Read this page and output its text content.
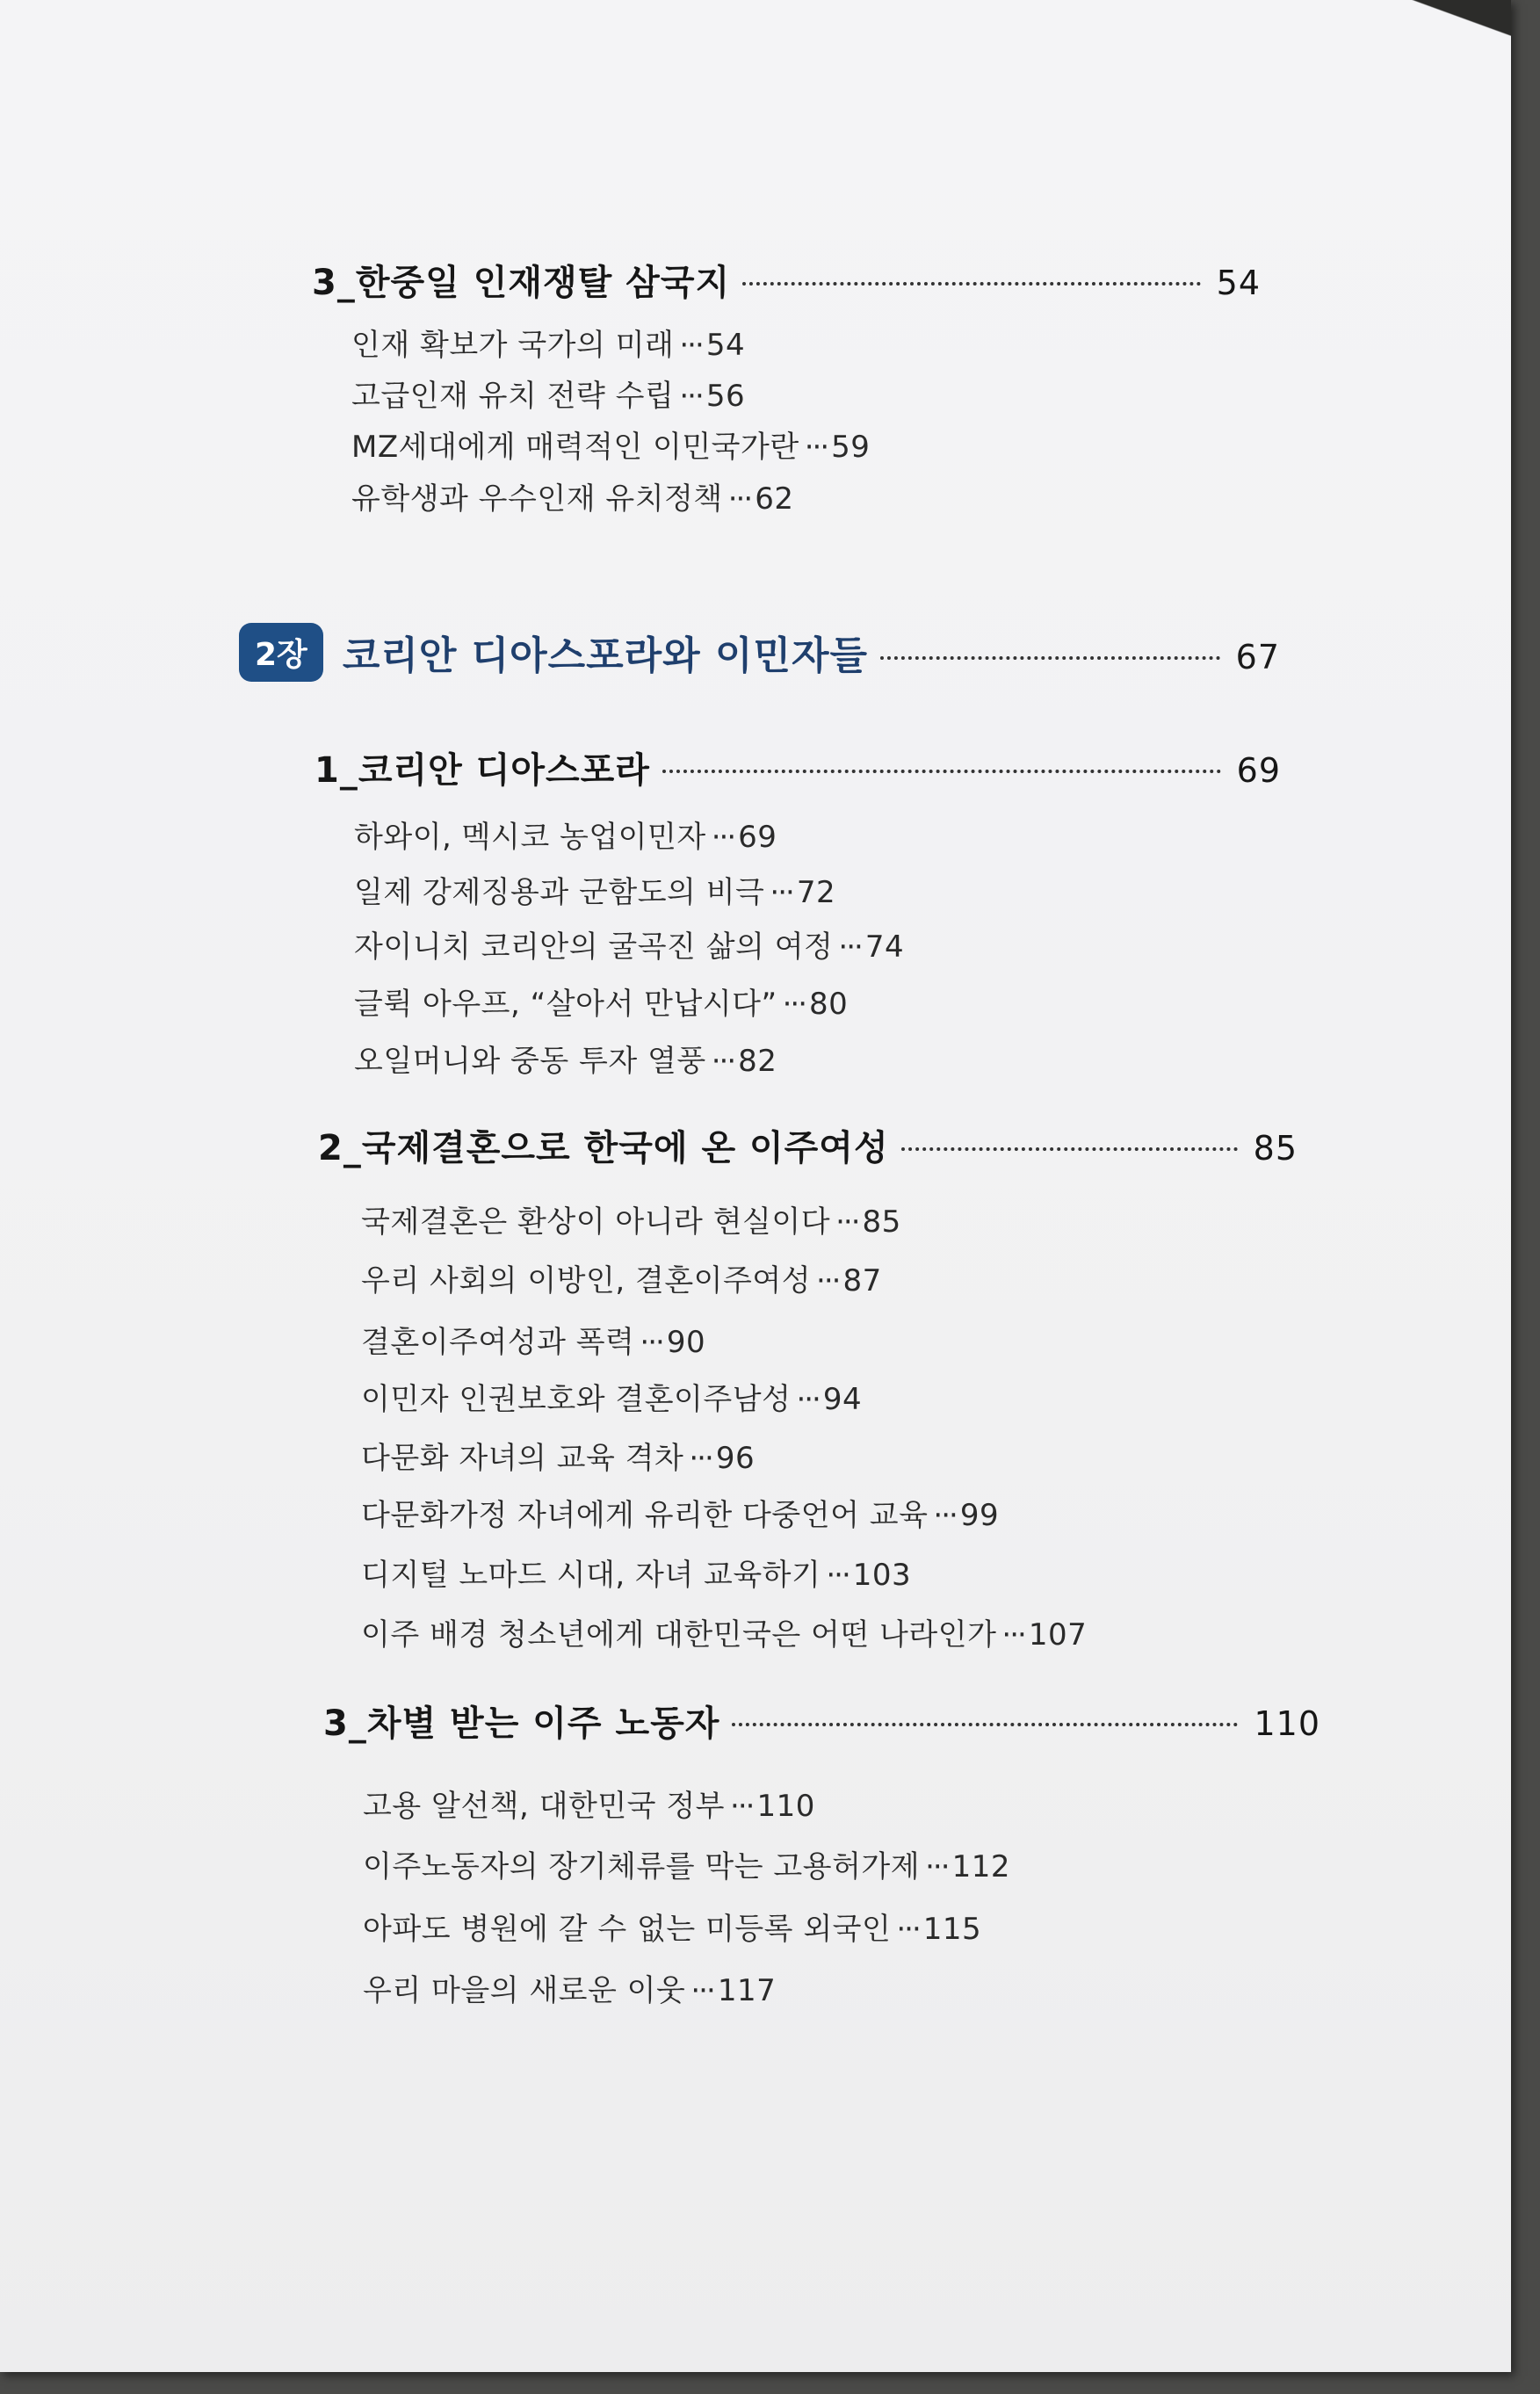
3_ 한중일 인재쟁탈 삼국지	54
인재 확보가 국가의 미래 ··· 54
고급인재 유치 전략 수립 ··· 56
MZ세대에게 매력적인 이민국가란 ··· 59
유학생과 우수인재 유치정책 ··· 62
2장 코리안 디아스포라와 이민자들	67
1_ 코리안 디아스포라	69
하와이, 멕시코 농업이민자 ··· 69
일제 강제징용과 군함도의 비극 ··· 72
자이니치 코리안의 굴곡진 삶의 여정 ··· 74
글뤽 아우프, “살아서 만납시다” ··· 80
오일머니와 중동 투자 열풍 ··· 82
2_ 국제결혼으로 한국에 온 이주여성	85
국제결혼은 환상이 아니라 현실이다 ··· 85
우리 사회의 이방인, 결혼이주여성 ··· 87
결혼이주여성과 폭력 ··· 90
이민자 인권보호와 결혼이주남성 ··· 94
다문화 자녀의 교육 격차 ··· 96
다문화가정 자녀에게 유리한 다중언어 교육 ··· 99
디지털 노마드 시대, 자녀 교육하기 ··· 103
이주 배경 청소년에게 대한민국은 어떤 나라인가 ··· 107
3_ 차별 받는 이주 노동자	110
고용 알선책, 대한민국 정부 ··· 110
이주노동자의 장기체류를 막는 고용허가제 ··· 112
아파도 병원에 갈 수 없는 미등록 외국인 ··· 115
우리 마을의 새로운 이웃 ··· 117
